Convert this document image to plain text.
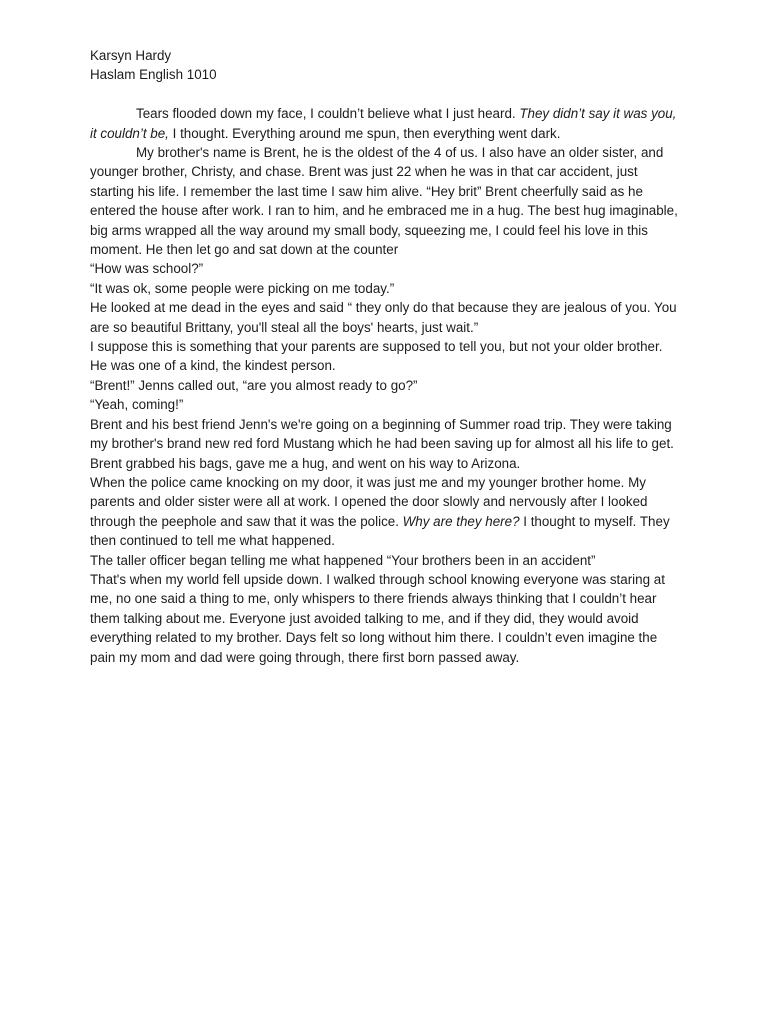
Karsyn Hardy

Haslam English 1010

Tears flooded down my face, I couldn’t believe what I just heard. They didn’t say it was you, it couldn’t be, I thought. Everything around me spun, then everything went dark.

My brother's name is Brent, he is the oldest of the 4 of us. I also have an older sister, and younger brother, Christy, and chase. Brent was just 22 when he was in that car accident, just starting his life. I remember the last time I saw him alive. “Hey brit” Brent cheerfully said as he entered the house after work. I ran to him, and he embraced me in a hug. The best hug imaginable, big arms wrapped all the way around my small body, squeezing me, I could feel his love in this moment. He then let go and sat down at the counter

“How was school?”

“It was ok, some people were picking on me today.”

He looked at me dead in the eyes and said “ they only do that because they are jealous of you. You are so beautiful Brittany, you'll steal all the boys' hearts, just wait.”

I suppose this is something that your parents are supposed to tell you, but not your older brother. He was one of a kind, the kindest person.

“Brent!” Jenns called out, “are you almost ready to go?”

“Yeah, coming!”

Brent and his best friend Jenn's we're going on a beginning of Summer road trip. They were taking my brother's brand new red ford Mustang which he had been saving up for almost all his life to get.

Brent grabbed his bags, gave me a hug, and went on his way to Arizona.

When the police came knocking on my door, it was just me and my younger brother home. My parents and older sister were all at work. I opened the door slowly and nervously after I looked through the peephole and saw that it was the police. Why are they here? I thought to myself. They then continued to tell me what happened.

The taller officer began telling me what happened “Your brothers been in an accident”

That's when my world fell upside down. I walked through school knowing everyone was staring at me, no one said a thing to me, only whispers to there friends always thinking that I couldn’t hear them talking about me. Everyone just avoided talking to me, and if they did, they would avoid everything related to my brother. Days felt so long without him there. I couldn’t even imagine the pain my mom and dad were going through, there first born passed away.
